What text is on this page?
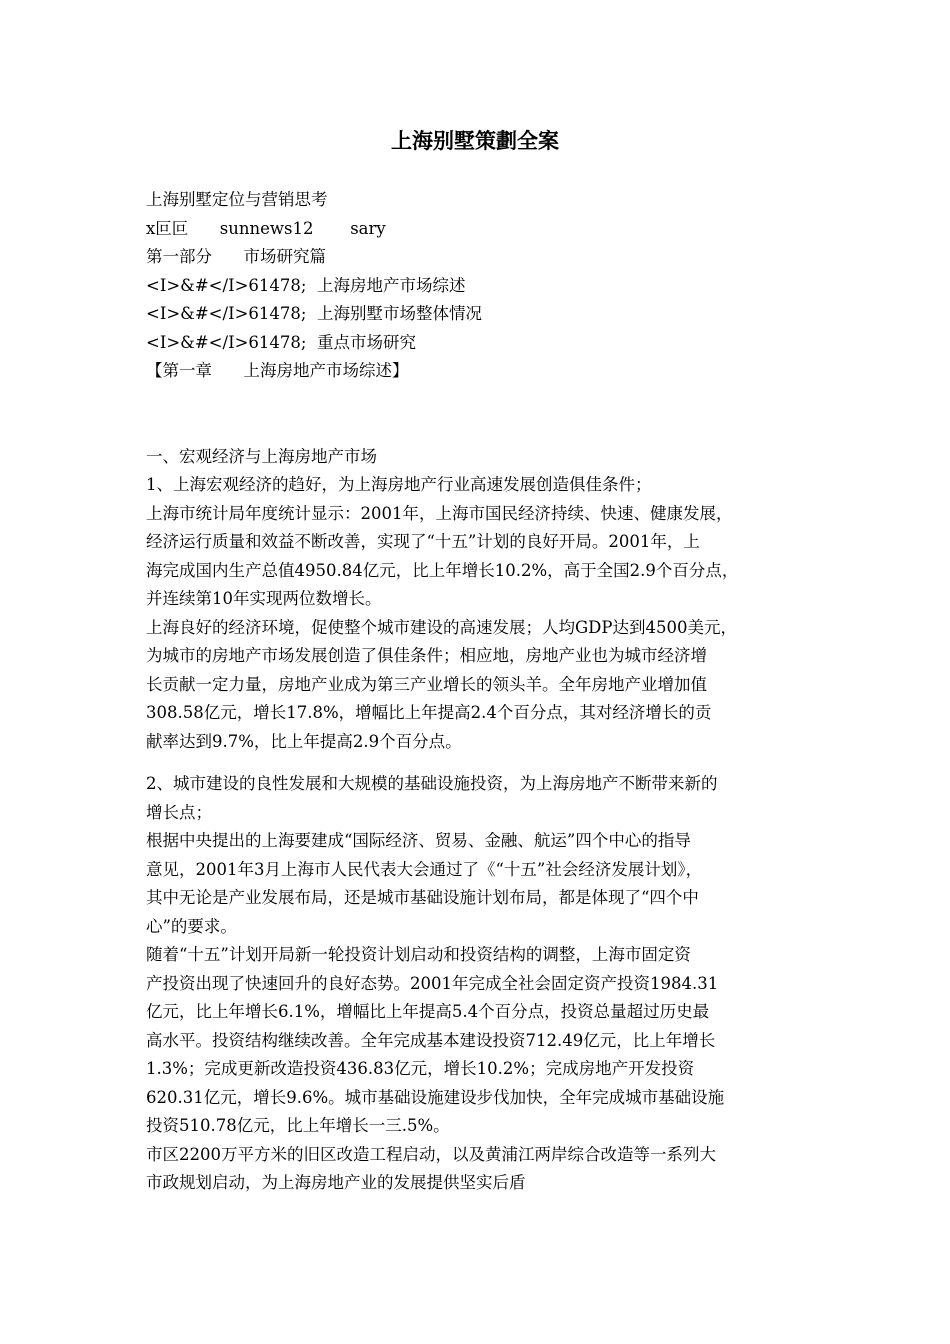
上海别墅策劃全案
上海别墅定位与营销思考
x叵叵      sunnews12       sary
第一部分      市场研究篇
<I>&#</I>61478;  上海房地产市场综述
<I>&#</I>61478;  上海别墅市场整体情况
<I>&#</I>61478;  重点市场研究
【第一章      上海房地产市场综述】
一、宏观经济与上海房地产市场
1、上海宏观经济的趋好，为上海房地产行业高速发展创造俱佳条件；
上海市统计局年度统计显示：2001年，上海市国民经济持续、快速、健康发展，
经济运行质量和效益不断改善，实现了“十五”计划的良好开局。2001年，上
海完成国内生产总值4950.84亿元，比上年增长10.2%，高于全国2.9个百分点，
并连续第10年实现两位数增长。
上海良好的经济环境，促使整个城市建设的高速发展；人均GDP达到4500美元，
为城市的房地产市场发展创造了俱佳条件；相应地，房地产业也为城市经济增
长贡献一定力量，房地产业成为第三产业增长的领头羊。全年房地产业增加值
308.58亿元，增长17.8%，增幅比上年提高2.4个百分点，其对经济增长的贡
献率达到9.7%，比上年提高2.9个百分点。
2、城市建设的良性发展和大规模的基础设施投资，为上海房地产不断带来新的
增长点；
根据中央提出的上海要建成“国际经济、贸易、金融、航运”四个中心的指导
意见，2001年3月上海市人民代表大会通过了《“十五”社会经济发展计划》，
其中无论是产业发展布局，还是城市基础设施计划布局，都是体现了“四个中
心”的要求。
随着“十五”计划开局新一轮投资计划启动和投资结构的调整，上海市固定资
产投资出现了快速回升的良好态势。2001年完成全社会固定资产投资1984.31
亿元，比上年增长6.1%，增幅比上年提高5.4个百分点，投资总量超过历史最
高水平。投资结构继续改善。全年完成基本建设投资712.49亿元，比上年增长
1.3%；完成更新改造投资436.83亿元，增长10.2%；完成房地产开发投资
620.31亿元，增长9.6%。城市基础设施建设步伐加快，全年完成城市基础设施
投资510.78亿元，比上年增长一三.5%。
市区2200万平方米的旧区改造工程启动，以及黄浦江两岸综合改造等一系列大
市政规划启动，为上海房地产业的发展提供坚实后盾
